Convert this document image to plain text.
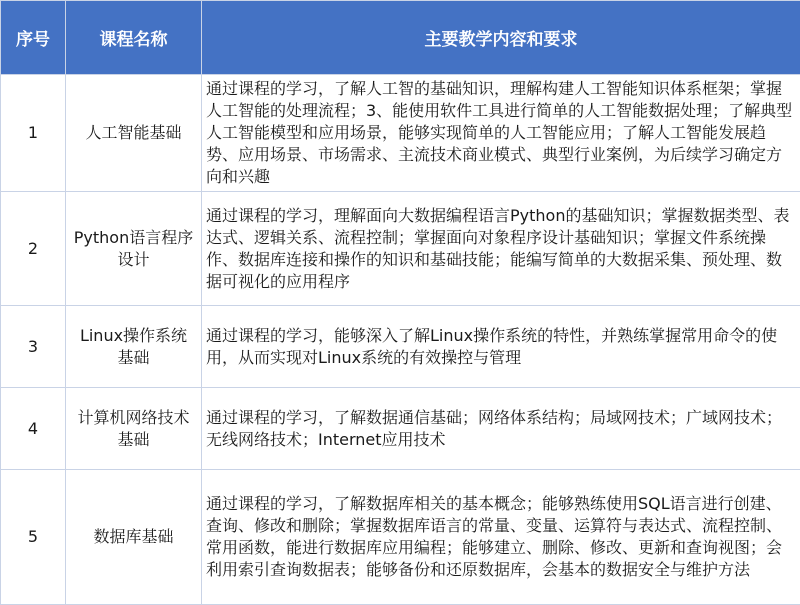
序号	课程名称	主要教学内容和要求
1	人工智能基础	通过课程的学习，了解人工智的基础知识，理解构建人工智能知识体系框架；掌握人工智能的处理流程；3、能使用软件工具进行简单的人工智能数据处理；了解典型人工智能模型和应用场景，能够实现简单的人工智能应用；了解人工智能发展趋势、应用场景、市场需求、主流技术商业模式、典型行业案例，为后续学习确定方向和兴趣
2	Python语言程序设计	通过课程的学习，理解面向大数据编程语言Python的基础知识；掌握数据类型、表达式、逻辑关系、流程控制；掌握面向对象程序设计基础知识；掌握文件系统操作、数据库连接和操作的知识和基础技能；能编写简单的大数据采集、预处理、数据可视化的应用程序
3	Linux操作系统基础	通过课程的学习，能够深入了解Linux操作系统的特性，并熟练掌握常用命令的使用，从而实现对Linux系统的有效操控与管理
4	计算机网络技术基础	通过课程的学习，了解数据通信基础；网络体系结构；局域网技术；广域网技术；无线网络技术；Internet应用技术
5	数据库基础	通过课程的学习，了解数据库相关的基本概念；能够熟练使用SQL语言进行创建、查询、修改和删除；掌握数据库语言的常量、变量、运算符与表达式、流程控制、常用函数，能进行数据库应用编程；能够建立、删除、修改、更新和查询视图；会利用索引查询数据表；能够备份和还原数据库，会基本的数据安全与维护方法
